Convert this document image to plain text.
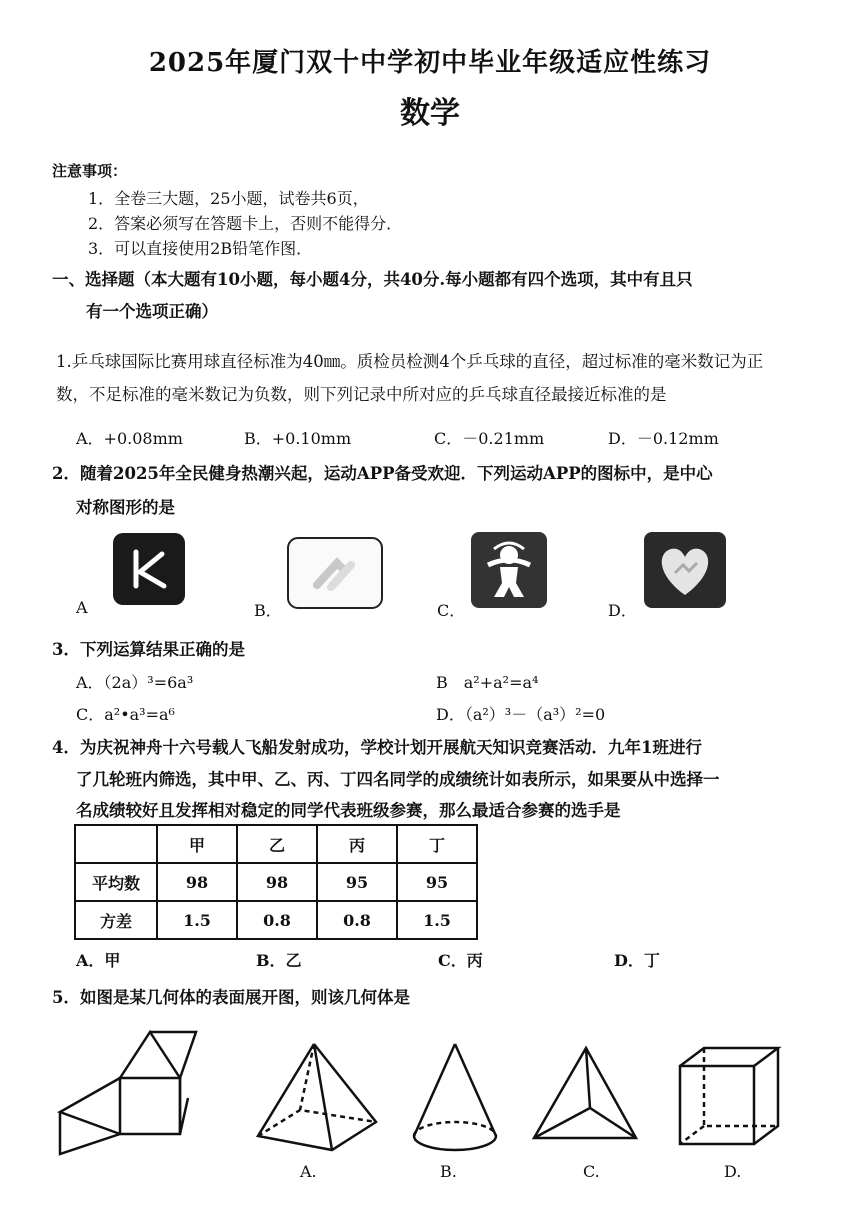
2025年厦门双十中学初中毕业年级适应性练习
数学
注意事项：
1．全卷三大题，25小题，试卷共6页，
2．答案必须写在答题卡上，否则不能得分．
3．可以直接使用2B铅笔作图．
一、选择题（本大题有10小题，每小题4分，共40分.每小题都有四个选项，其中有且只
有一个选项正确）
1.乒乓球国际比赛用球直径标准为40㎜。质检员检测4个乒乓球的直径，超过标准的毫米数记为正
数，不足标准的毫米数记为负数，则下列记录中所对应的乒乓球直径最接近标准的是
A．+0.08mm	B．+0.10mm	C．－0.21mm	D．－0.12mm
2．随着2025年全民健身热潮兴起，运动APP备受欢迎．下列运动APP的图标中，是中心
对称图形的是
A	B．	C．	D．
3．下列运算结果正确的是
A．（2a）³=6a³	B　a²+a²=a⁴
C．a²•a³=a⁶	D．（a²）³－（a³）²=0
4．为庆祝神舟十六号载人飞船发射成功，学校计划开展航天知识竞赛活动．九年1班进行
了几轮班内筛选，其中甲、乙、丙、丁四名同学的成绩统计如表所示，如果要从中选择一
名成绩较好且发挥相对稳定的同学代表班级参赛，那么最适合参赛的选手是
	甲	乙	丙	丁
平均数	98	98	95	95
方差	1.5	0.8	0.8	1.5
A．甲	B．乙	C．丙	D．丁
5．如图是某几何体的表面展开图，则该几何体是
A.	B.	C.	D.
